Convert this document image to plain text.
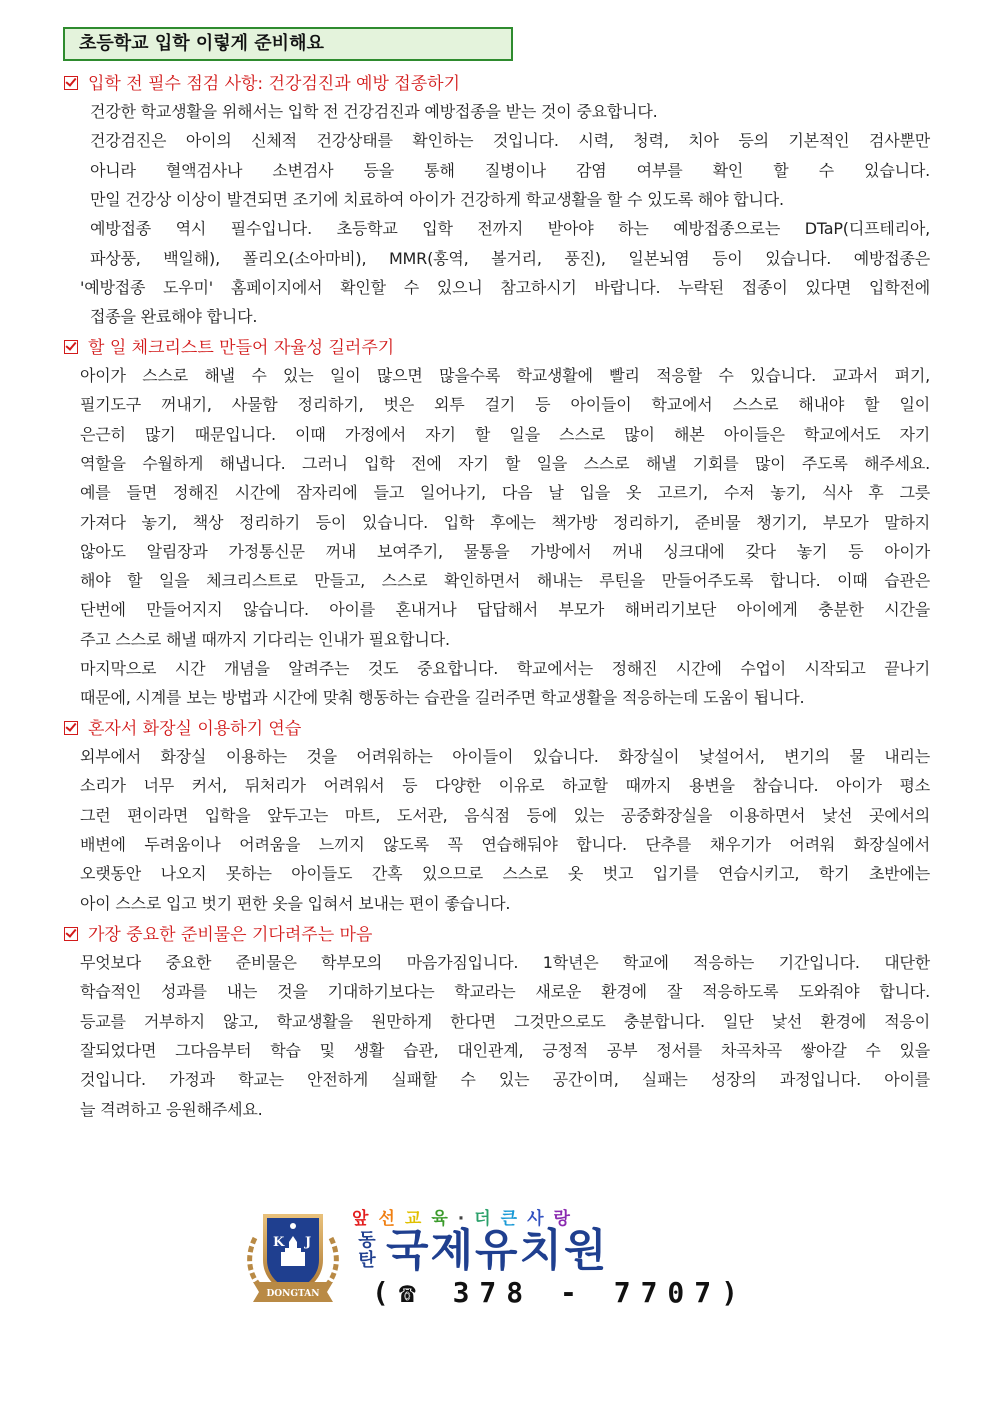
초등학교 입학 이렇게 준비해요
입학 전 필수 점검 사항: 건강검진과 예방 접종하기
건강한 학교생활을 위해서는 입학 전 건강검진과 예방접종을 받는 것이 중요합니다.
건강검진은 아이의 신체적 건강상태를 확인하는 것입니다. 시력, 청력, 치아 등의 기본적인 검사뿐만
아니라 혈액검사나 소변검사 등을 통해 질병이나 감염 여부를 확인 할 수 있습니다.
만일 건강상 이상이 발견되면 조기에 치료하여 아이가 건강하게 학교생활을 할 수 있도록 해야 합니다.
예방접종 역시 필수입니다. 초등학교 입학 전까지 받아야 하는 예방접종으로는 DTaP(디프테리아,
파상풍, 백일해), 폴리오(소아마비), MMR(홍역, 볼거리, 풍진), 일본뇌염 등이 있습니다. 예방접종은
'예방접종 도우미' 홈페이지에서 확인할 수 있으니 참고하시기 바랍니다. 누락된 접종이 있다면 입학전에
접종을 완료해야 합니다.
할 일 체크리스트 만들어 자율성 길러주기
아이가 스스로 해낼 수 있는 일이 많으면 많을수록 학교생활에 빨리 적응할 수 있습니다. 교과서 펴기,
필기도구 꺼내기, 사물함 정리하기, 벗은 외투 걸기 등 아이들이 학교에서 스스로 해내야 할 일이
은근히 많기 때문입니다. 이때 가정에서 자기 할 일을 스스로 많이 해본 아이들은 학교에서도 자기
역할을 수월하게 해냅니다. 그러니 입학 전에 자기 할 일을 스스로 해낼 기회를 많이 주도록 해주세요.
예를 들면 정해진 시간에 잠자리에 들고 일어나기, 다음 날 입을 옷 고르기, 수저 놓기, 식사 후 그릇
가져다 놓기, 책상 정리하기 등이 있습니다. 입학 후에는 책가방 정리하기, 준비물 챙기기, 부모가 말하지
않아도 알림장과 가정통신문 꺼내 보여주기, 물통을 가방에서 꺼내 싱크대에 갖다 놓기 등 아이가
해야 할 일을 체크리스트로 만들고, 스스로 확인하면서 해내는 루틴을 만들어주도록 합니다. 이때 습관은
단번에 만들어지지 않습니다. 아이를 혼내거나 답답해서 부모가 해버리기보단 아이에게 충분한 시간을
주고 스스로 해낼 때까지 기다리는 인내가 필요합니다.
마지막으로 시간 개념을 알려주는 것도 중요합니다. 학교에서는 정해진 시간에 수업이 시작되고 끝나기
때문에, 시계를 보는 방법과 시간에 맞춰 행동하는 습관을 길러주면 학교생활을 적응하는데 도움이 됩니다.
혼자서 화장실 이용하기 연습
외부에서 화장실 이용하는 것을 어려워하는 아이들이 있습니다. 화장실이 낯설어서, 변기의 물 내리는
소리가 너무 커서, 뒤처리가 어려워서 등 다양한 이유로 하교할 때까지 용변을 참습니다. 아이가 평소
그런 편이라면 입학을 앞두고는 마트, 도서관, 음식점 등에 있는 공중화장실을 이용하면서 낯선 곳에서의
배변에 두려움이나 어려움을 느끼지 않도록 꼭 연습해둬야 합니다. 단추를 채우기가 어려워 화장실에서
오랫동안 나오지 못하는 아이들도 간혹 있으므로 스스로 옷 벗고 입기를 연습시키고, 학기 초반에는
아이 스스로 입고 벗기 편한 옷을 입혀서 보내는 편이 좋습니다.
가장 중요한 준비물은 기다려주는 마음
무엇보다 중요한 준비물은 학부모의 마음가짐입니다. 1학년은 학교에 적응하는 기간입니다. 대단한
학습적인 성과를 내는 것을 기대하기보다는 학교라는 새로운 환경에 잘 적응하도록 도와줘야 합니다.
등교를 거부하지 않고, 학교생활을 원만하게 한다면 그것만으로도 충분합니다. 일단 낯선 환경에 적응이
잘되었다면 그다음부터 학습 및 생활 습관, 대인관계, 긍정적 공부 정서를 차곡차곡 쌓아갈 수 있을
것입니다. 가정과 학교는 안전하게 실패할 수 있는 공간이며, 실패는 성장의 과정입니다. 아이를
늘 격려하고 응원해주세요.
K J
DONGTAN
앞 선 교 육 · 더 큰 사 랑
동
탄 국제유치원
(☎ 378 - 7707)
